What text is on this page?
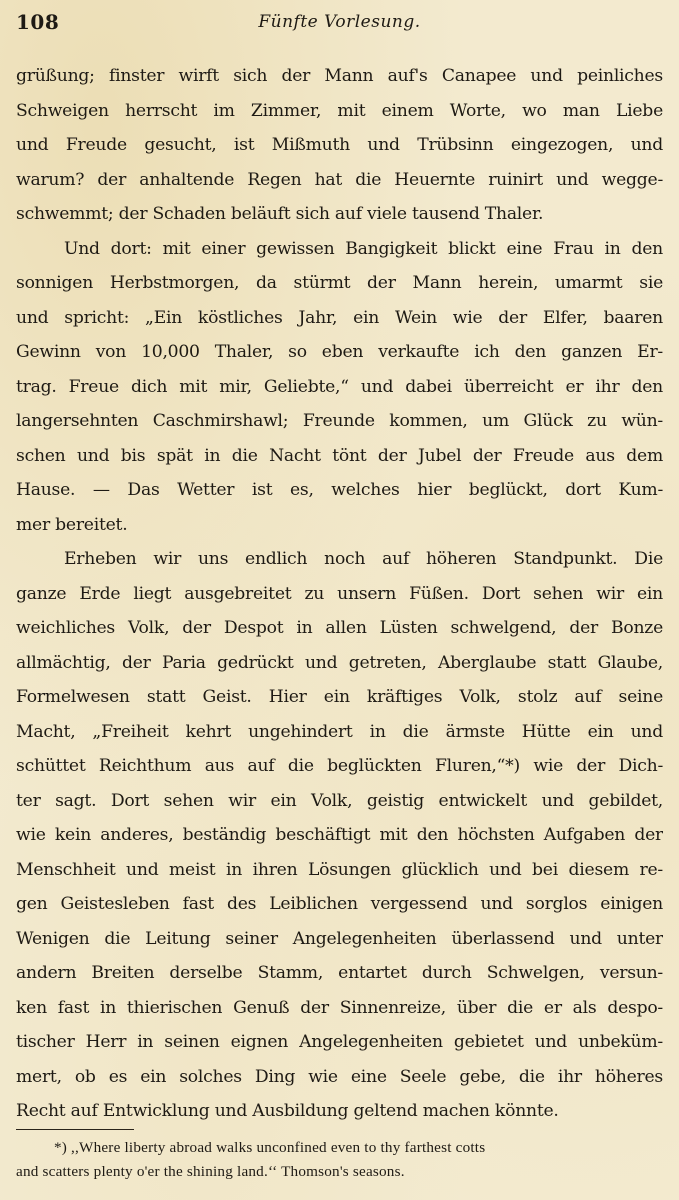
108	Fünfte Vorlesung.
grüßung; finster wirft sich der Mann auf's Canapee und peinliches
Schweigen herrscht im Zimmer, mit einem Worte, wo man Liebe
und Freude gesucht, ist Mißmuth und Trübsinn eingezogen, und
warum? der anhaltende Regen hat die Heuernte ruinirt und wegge-
schwemmt; der Schaden beläuft sich auf viele tausend Thaler.
Und dort: mit einer gewissen Bangigkeit blickt eine Frau in den
sonnigen Herbstmorgen, da stürmt der Mann herein, umarmt sie
und spricht: „Ein köstliches Jahr, ein Wein wie der Elfer, baaren
Gewinn von 10,000 Thaler, so eben verkaufte ich den ganzen Er-
trag. Freue dich mit mir, Geliebte,“ und dabei überreicht er ihr den
langersehnten Caschmirshawl; Freunde kommen, um Glück zu wün-
schen und bis spät in die Nacht tönt der Jubel der Freude aus dem
Hause. — Das Wetter ist es, welches hier beglückt, dort Kum-
mer bereitet.
Erheben wir uns endlich noch auf höheren Standpunkt. Die
ganze Erde liegt ausgebreitet zu unsern Füßen. Dort sehen wir ein
weichliches Volk, der Despot in allen Lüsten schwelgend, der Bonze
allmächtig, der Paria gedrückt und getreten, Aberglaube statt Glaube,
Formelwesen statt Geist. Hier ein kräftiges Volk, stolz auf seine
Macht, „Freiheit kehrt ungehindert in die ärmste Hütte ein und
schüttet Reichthum aus auf die beglückten Fluren,“*) wie der Dich-
ter sagt. Dort sehen wir ein Volk, geistig entwickelt und gebildet,
wie kein anderes, beständig beschäftigt mit den höchsten Aufgaben der
Menschheit und meist in ihren Lösungen glücklich und bei diesem re-
gen Geistesleben fast des Leiblichen vergessend und sorglos einigen
Wenigen die Leitung seiner Angelegenheiten überlassend und unter
andern Breiten derselbe Stamm, entartet durch Schwelgen, versun-
ken fast in thierischen Genuß der Sinnenreize, über die er als despo-
tischer Herr in seinen eignen Angelegenheiten gebietet und unbeküm-
mert, ob es ein solches Ding wie eine Seele gebe, die ihr höheres
Recht auf Entwicklung und Ausbildung geltend machen könnte.
*) ,,Where liberty abroad walks unconfined even to thy farthest cotts
and scatters plenty o'er the shining land.‘‘ Thomson's seasons.
